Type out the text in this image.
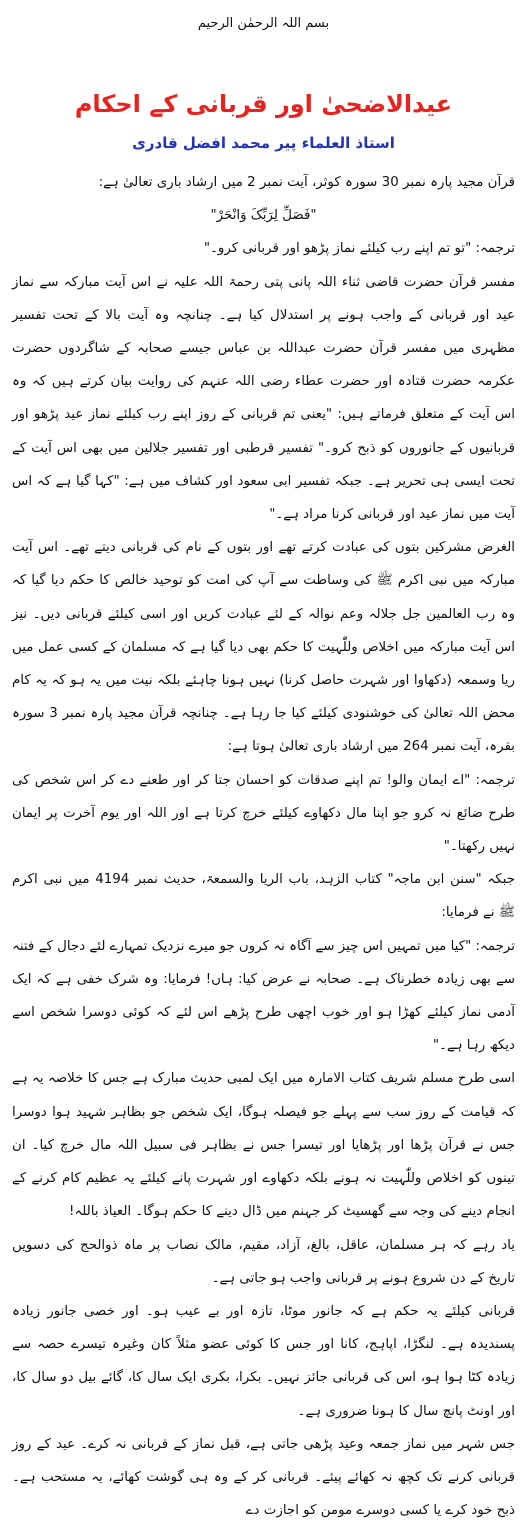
بسم اللہ الرحمٰن الرحیم
عیدالاضحیٰ اور قربانی کے احکام
استاذ العلماء پیر محمد افضل قادری

قرآن مجید پارہ نمبر 30 سورہ کوثر، آیت نمبر 2 میں ارشاد باری تعالیٰ ہے:

"فَصَلِّ لِرَبِّکَ وَانْحَرْ"

ترجمہ: "تو تم اپنے رب کیلئے نماز پڑھو اور قربانی کرو۔"

مفسر قرآن حضرت قاضی ثناء اللہ پانی پتی رحمۃ اللہ علیہ نے اس آیت مبارکہ سے نماز عید اور قربانی کے واجب ہونے پر استدلال کیا ہے۔ چنانچہ وہ آیت بالا کے تحت تفسیر مظہری میں مفسر قرآن حضرت عبداللہ بن عباس جیسے صحابہ کے شاگردوں حضرت عکرمہ حضرت قتادہ اور حضرت عطاء رضی اللہ عنہم کی روایت بیان کرتے ہیں کہ وہ اس آیت کے متعلق فرماتے ہیں: "یعنی تم قربانی کے روز اپنے رب کیلئے نماز عید پڑھو اور قربانیوں کے جانوروں کو ذبح کرو۔" تفسیر قرطبی اور تفسیر جلالین میں بھی اس آیت کے تحت ایسی ہی تحریر ہے۔ جبکہ تفسیر ابی سعود اور کشاف میں ہے: "کہا گیا ہے کہ اس آیت میں نماز عید اور قربانی کرنا مراد ہے۔"

الغرض مشرکین بتوں کی عبادت کرتے تھے اور بتوں کے نام کی قربانی دیتے تھے۔ اس آیت مبارکہ میں نبی اکرم ﷺ کی وساطت سے آپ کی امت کو توحید خالص کا حکم دیا گیا کہ وہ رب العالمین جل جلالہ وعم نوالہ کے لئے عبادت کریں اور اسی کیلئے قربانی دیں۔ نیز اس آیت مبارکہ میں اخلاص وللّٰہیت کا حکم بھی دیا گیا ہے کہ مسلمان کے کسی عمل میں ریا وسمعہ (دکھاوا اور شہرت حاصل کرنا) نہیں ہونا چاہئے بلکہ نیت میں یہ ہو کہ یہ کام محض اللہ تعالیٰ کی خوشنودی کیلئے کیا جا رہا ہے۔ چنانچہ قرآن مجید پارہ نمبر 3 سورہ بقرہ، آیت نمبر 264 میں ارشاد باری تعالیٰ ہوتا ہے:

ترجمہ: "اے ایمان والو! تم اپنے صدقات کو احسان جتا کر اور طعنے دے کر اس شخص کی طرح ضائع نہ کرو جو اپنا مال دکھاوے کیلئے خرچ کرتا ہے اور اللہ اور یوم آخرت پر ایمان نہیں رکھتا۔"

جبکہ "سنن ابن ماجہ" کتاب الزہد، باب الریا والسمعۃ، حدیث نمبر 4194 میں نبی اکرم ﷺ نے فرمایا:

ترجمہ: "کیا میں تمہیں اس چیز سے آگاہ نہ کروں جو میرے نزدیک تمہارے لئے دجال کے فتنہ سے بھی زیادہ خطرناک ہے۔ صحابہ نے عرض کیا: ہاں! فرمایا: وہ شرک خفی ہے کہ ایک آدمی نماز کیلئے کھڑا ہو اور خوب اچھی طرح پڑھے اس لئے کہ کوئی دوسرا شخص اسے دیکھ رہا ہے۔"

اسی طرح مسلم شریف کتاب الامارہ میں ایک لمبی حدیث مبارک ہے جس کا خلاصہ یہ ہے کہ قیامت کے روز سب سے پہلے جو فیصلہ ہوگا، ایک شخص جو بظاہر شہید ہوا دوسرا جس نے قرآن پڑھا اور پڑھایا اور تیسرا جس نے بظاہر فی سبیل اللہ مال خرچ کیا۔ ان تینوں کو اخلاص وللّٰہیت نہ ہونے بلکہ دکھاوے اور شہرت پانے کیلئے یہ عظیم کام کرنے کے انجام دینے کی وجہ سے گھسیٹ کر جہنم میں ڈال دینے کا حکم ہوگا۔ العیاذ باللہ!

یاد رہے کہ ہر مسلمان، عاقل، بالغ، آزاد، مقیم، مالک نصاب پر ماہ ذوالحج کی دسویں تاریخ کے دن شروع ہونے پر قربانی واجب ہو جاتی ہے۔

قربانی کیلئے یہ حکم ہے کہ جانور موٹا، تازہ اور بے عیب ہو۔ اور خصی جانور زیادہ پسندیدہ ہے۔ لنگڑا، اپاہج، کانا اور جس کا کوئی عضو مثلاً کان وغیرہ تیسرے حصہ سے زیادہ کٹا ہوا ہو، اس کی قربانی جائز نہیں۔ بکرا، بکری ایک سال کا، گائے بیل دو سال کا، اور اونٹ پانچ سال کا ہونا ضروری ہے۔

جس شہر میں نماز جمعہ وعید پڑھی جاتی ہے، قبل نماز کے قربانی نہ کرے۔ عید کے روز قربانی کرنے تک کچھ نہ کھائے پیئے۔ قربانی کر کے وہ ہی گوشت کھائے، یہ مستحب ہے۔ ذبح خود کرے یا کسی دوسرے مومن کو اجازت دے
